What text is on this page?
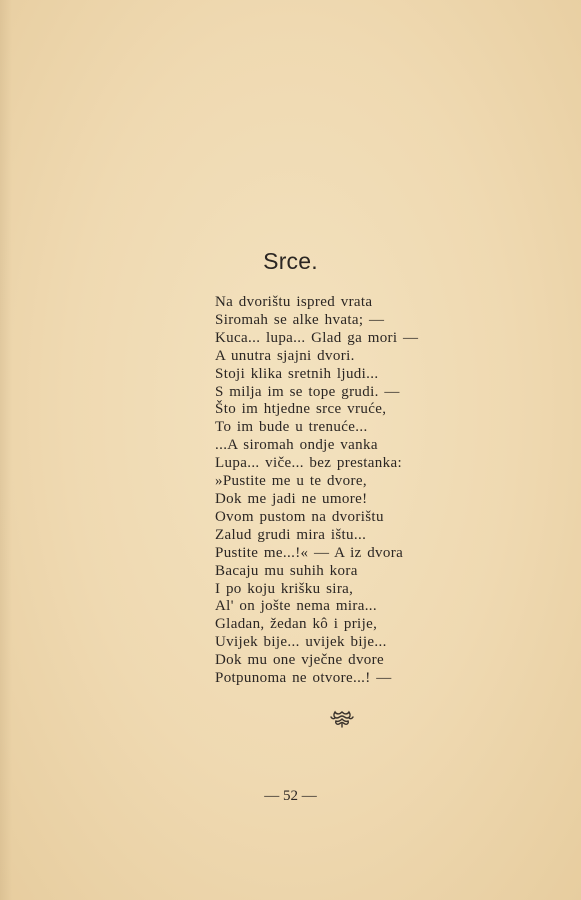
Srce.
Na dvorištu ispred vrata
Siromah se alke hvata; —
Kuca... lupa... Glad ga mori —
A unutra sjajni dvori.
Stoji klika sretnih ljudi...
S milja im se tope grudi. —
Što im htjedne srce vruće,
To im bude u trenuće...
...A siromah ondje vanka
Lupa... viče... bez prestanka:
»Pustite me u te dvore,
Dok me jadi ne umore!
Ovom pustom na dvorištu
Zalud grudi mira ištu...
Pustite me...!« — A iz dvora
Bacaju mu suhih kora
I po koju krišku sira,
Al' on jošte nema mira...
Gladan, žedan kô i prije,
Uvijek bije... uvijek bije...
Dok mu one vječne dvore
Potpunoma ne otvore...! —
— 52 —
